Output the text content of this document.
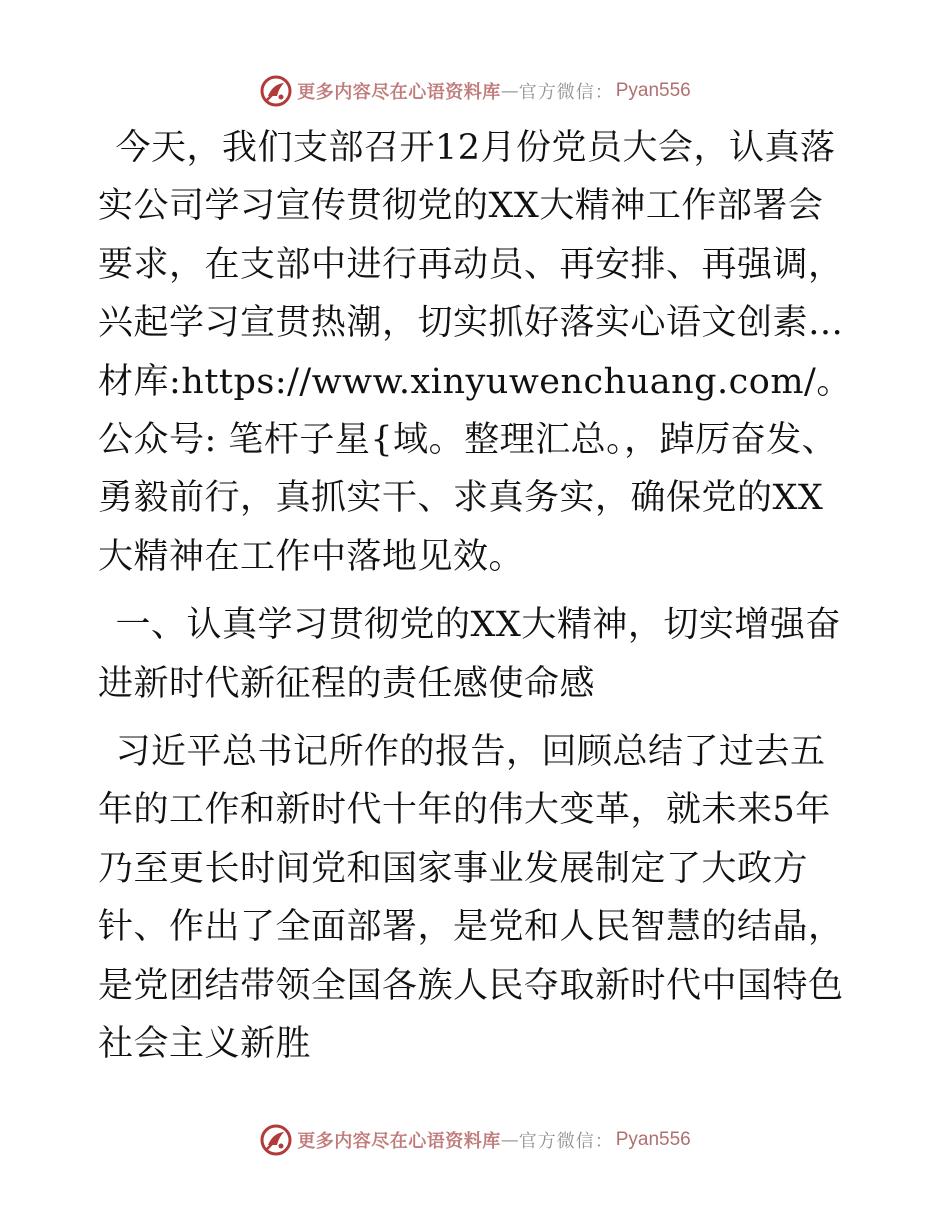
更多内容尽在心语资料库 — 官方微信： Pyan556

今天，我们支部召开12月份党员大会，认真落实公司学习宣传贯彻党的XX大精神工作部署会要求，在支部中进行再动员、再安排、再强调，兴起学习宣贯热潮，切实抓好落实心语文创素…材库:https://www.xinyuwenchuang.com/。公众号: 笔杆子星{域。整理汇总。，踔厉奋发、勇毅前行，真抓实干、求真务实，确保党的XX大精神在工作中落地见效。

一、认真学习贯彻党的XX大精神，切实增强奋进新时代新征程的责任感使命感

习近平总书记所作的报告，回顾总结了过去五年的工作和新时代十年的伟大变革，就未来5年乃至更长时间党和国家事业发展制定了大政方针、作出了全面部署，是党和人民智慧的结晶，是党团结带领全国各族人民夺取新时代中国特色社会主义新胜

更多内容尽在心语资料库 — 官方微信： Pyan556
